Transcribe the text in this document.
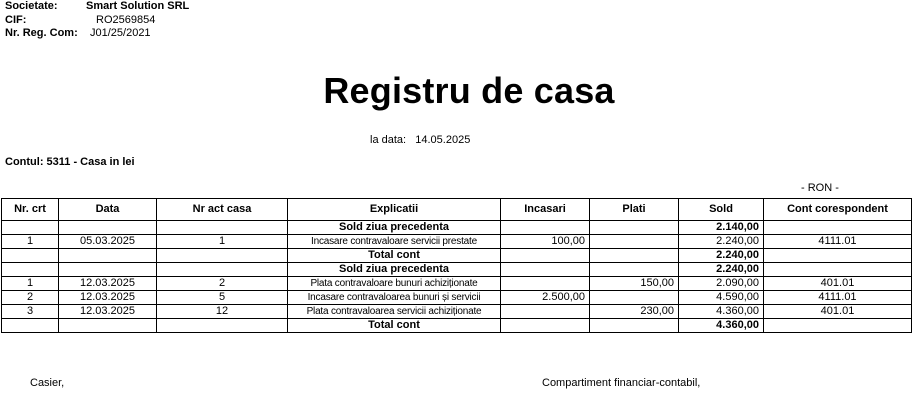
Societate:	Smart Solution SRL
CIF:	RO2569854
Nr. Reg. Com:	J01/25/2021
Registru de casa
la data: 14.05.2025
Contul: 5311 - Casa in lei
- RON -
Nr. crt	Data	Nr act casa	Explicatii	Incasari	Plati	Sold	Cont corespondent
			Sold ziua precedenta			2.140,00	
1	05.03.2025	1	Incasare contravaloare servicii prestate	100,00		2.240,00	4111.01
			Total cont			2.240,00	
			Sold ziua precedenta			2.240,00	
1	12.03.2025	2	Plata contravaloare bunuri achiziționate		150,00	2.090,00	401.01
2	12.03.2025	5	Incasare contravaloarea bunuri și servicii	2.500,00		4.590,00	4111.01
3	12.03.2025	12	Plata contravaloarea servicii achiziționate		230,00	4.360,00	401.01
			Total cont			4.360,00	
Casier,	Compartiment financiar-contabil,
